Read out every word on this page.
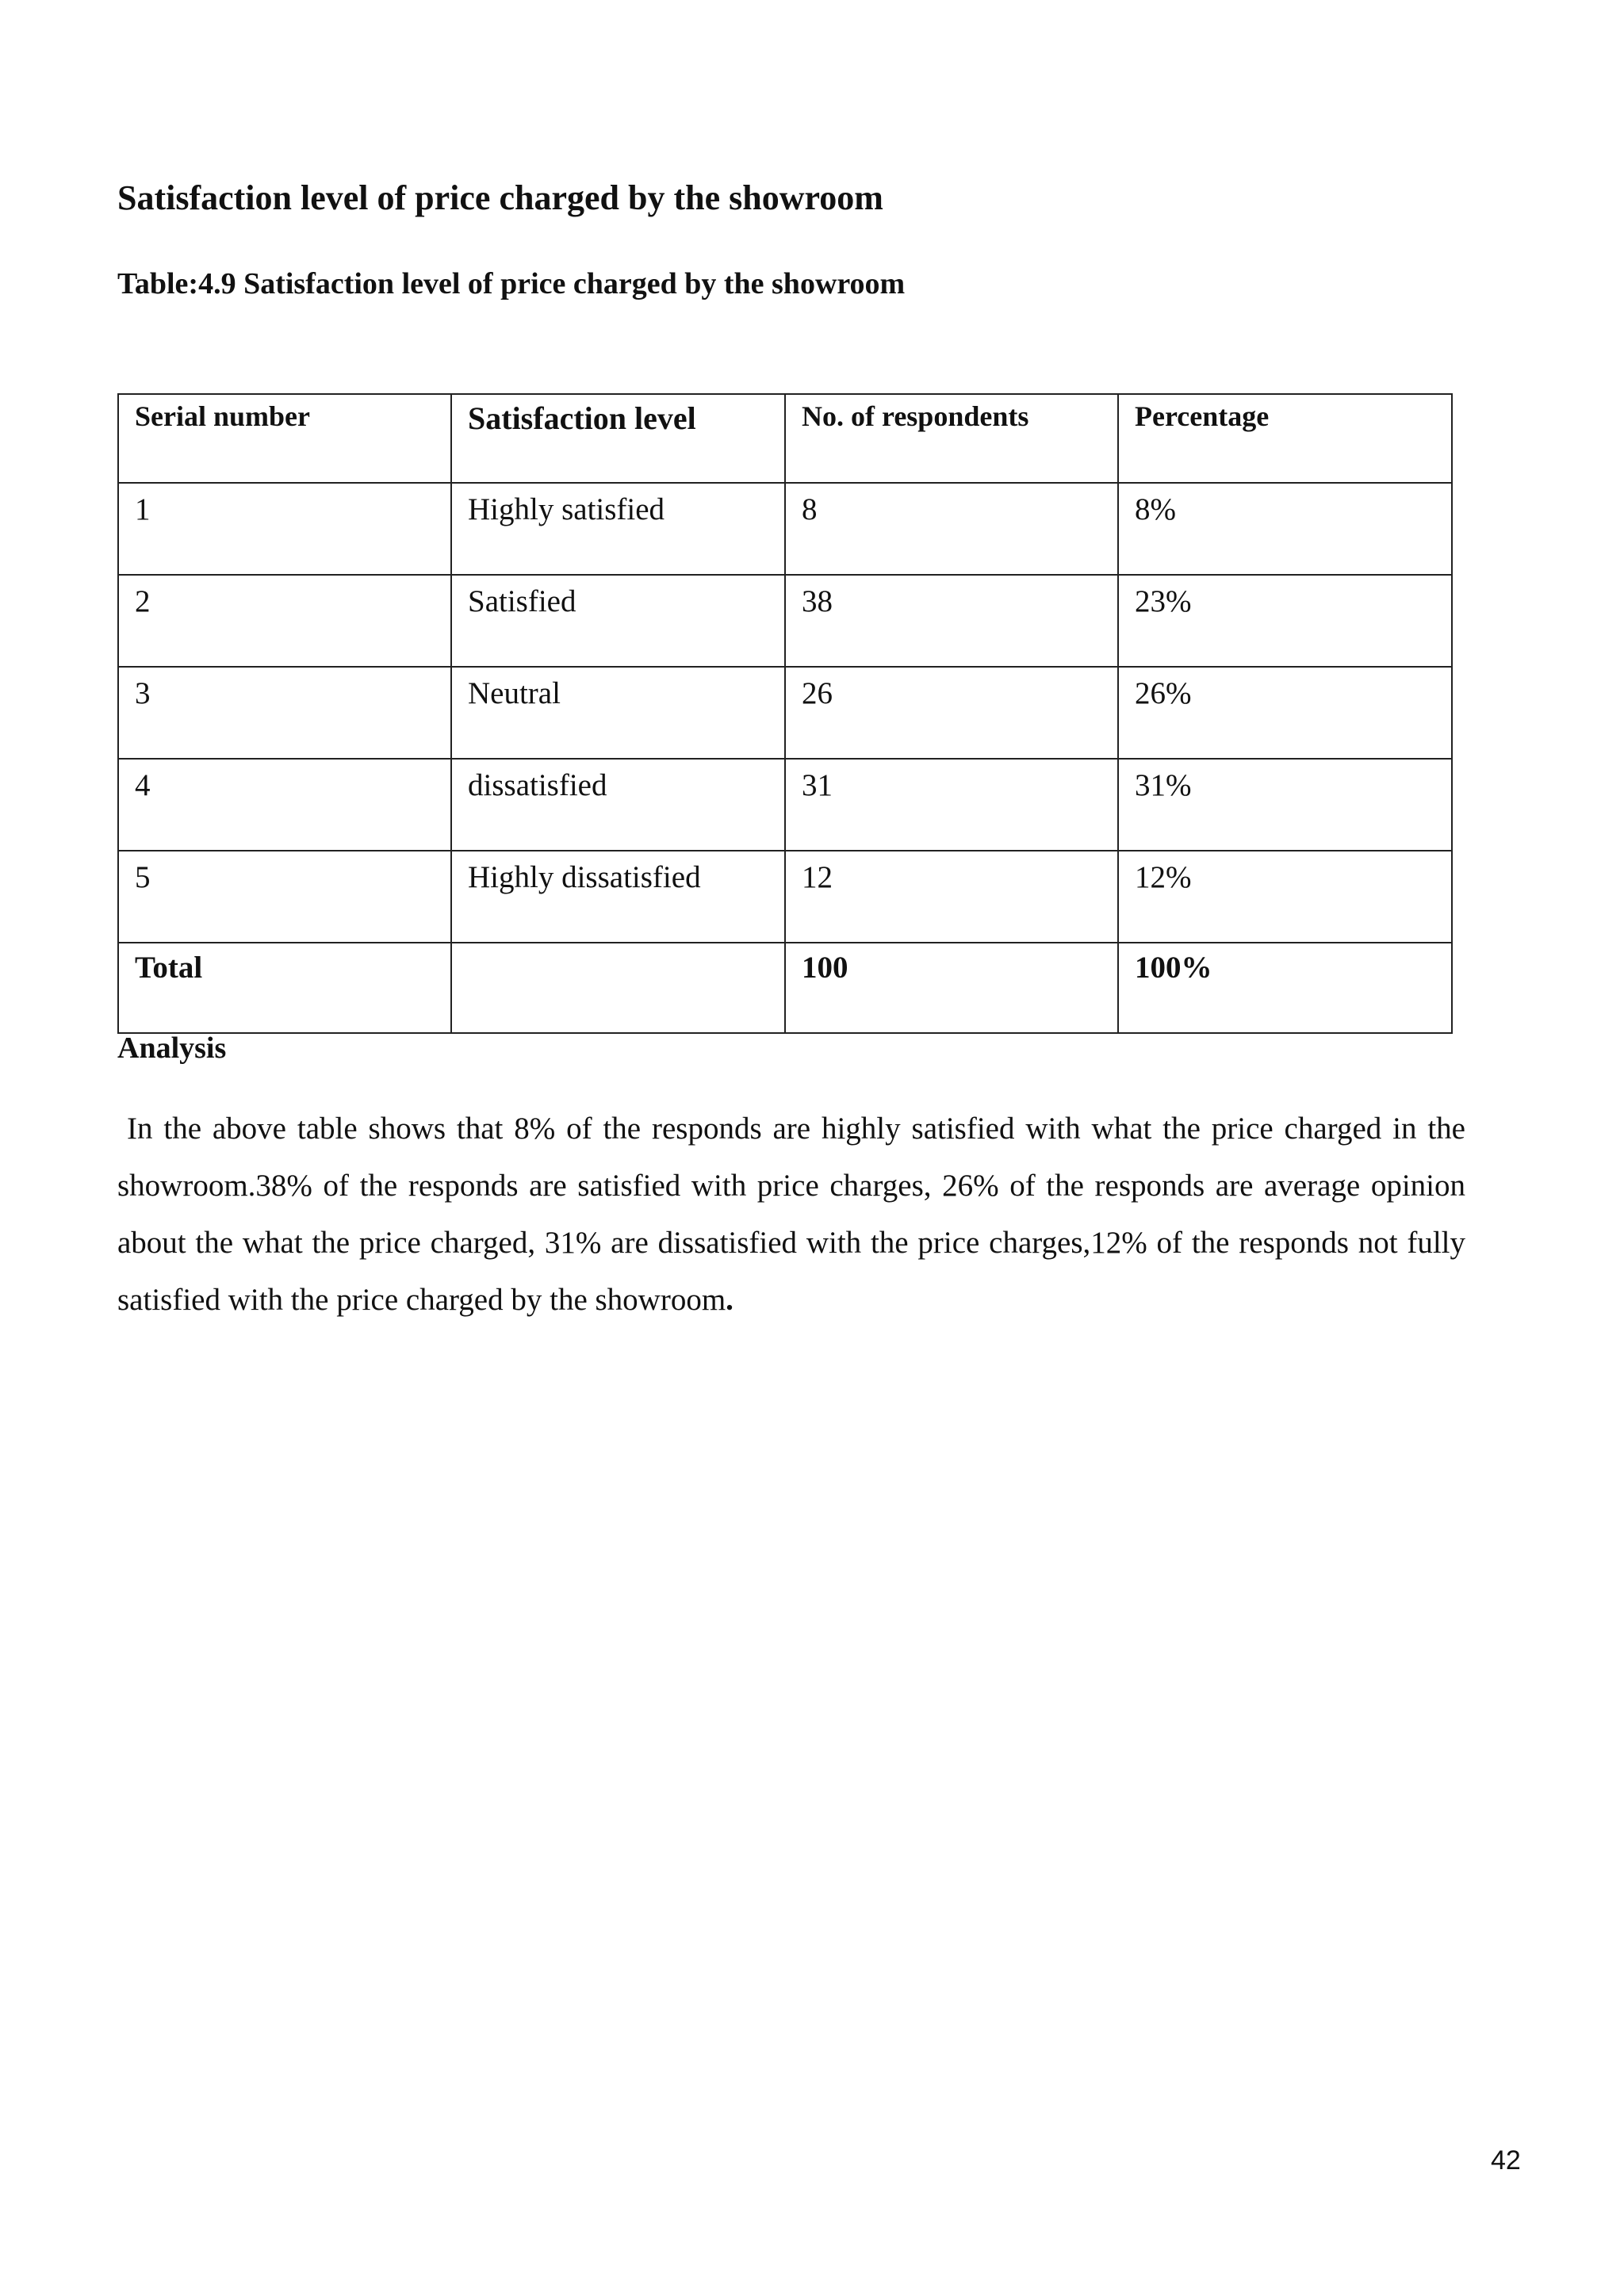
Satisfaction level of price charged by the showroom
Table:4.9 Satisfaction level of price charged by the showroom
Serial number	Satisfaction level	No. of respondents	Percentage
1	Highly satisfied	8	8%
2	Satisfied	38	23%
3	Neutral	26	26%
4	dissatisfied	31	31%
5	Highly dissatisfied	12	12%
Total		100	100%
Analysis

In the above table shows that 8% of the responds are highly satisfied with what the price charged in the showroom.38% of the responds are satisfied with price charges, 26% of the responds are average opinion about the what the price charged, 31% are dissatisfied with the price charges,12% of the responds not fully satisfied with the price charged by the showroom.

42
